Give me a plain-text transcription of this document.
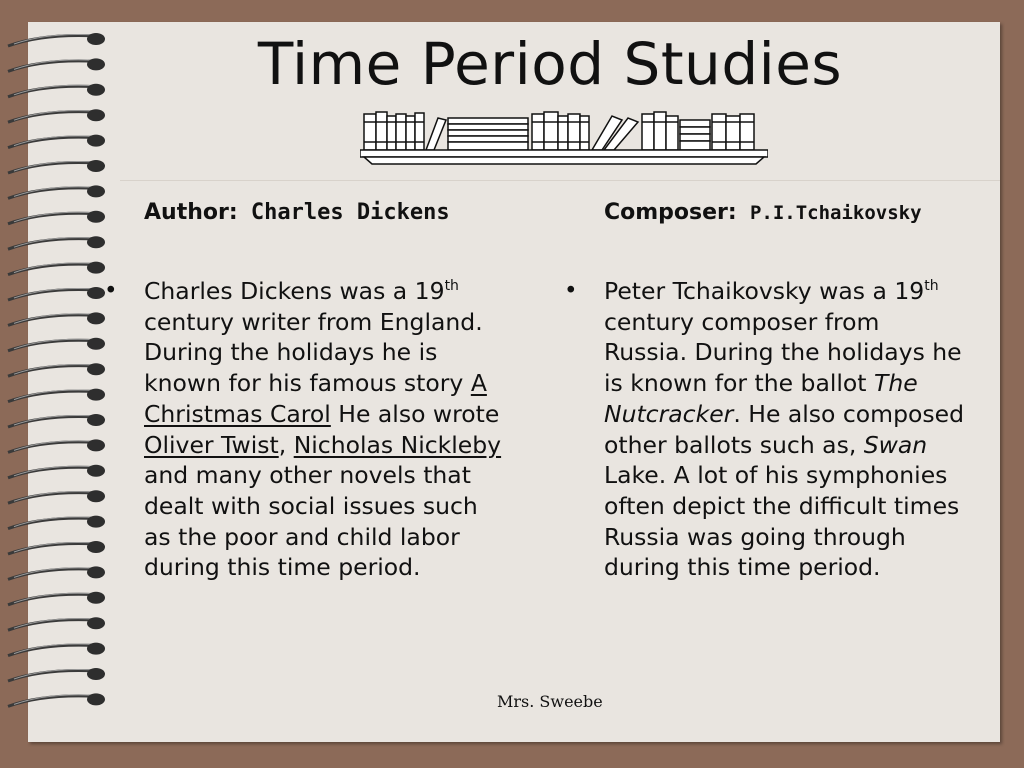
Time Period Studies
Author: Charles Dickens
• Charles Dickens was a 19th century writer from England. During the holidays he is known for his famous story A Christmas Carol He also wrote Oliver Twist, Nicholas Nickleby and many other novels that dealt with social issues such as the poor and child labor during this time period.
Composer: P.I.Tchaikovsky
• Peter Tchaikovsky was a 19th century composer from Russia. During the holidays he is known for the ballot The Nutcracker. He also composed other ballots such as, Swan Lake. A lot of his symphonies often depict the difficult times Russia was going through during this time period.
Mrs. Sweebe
